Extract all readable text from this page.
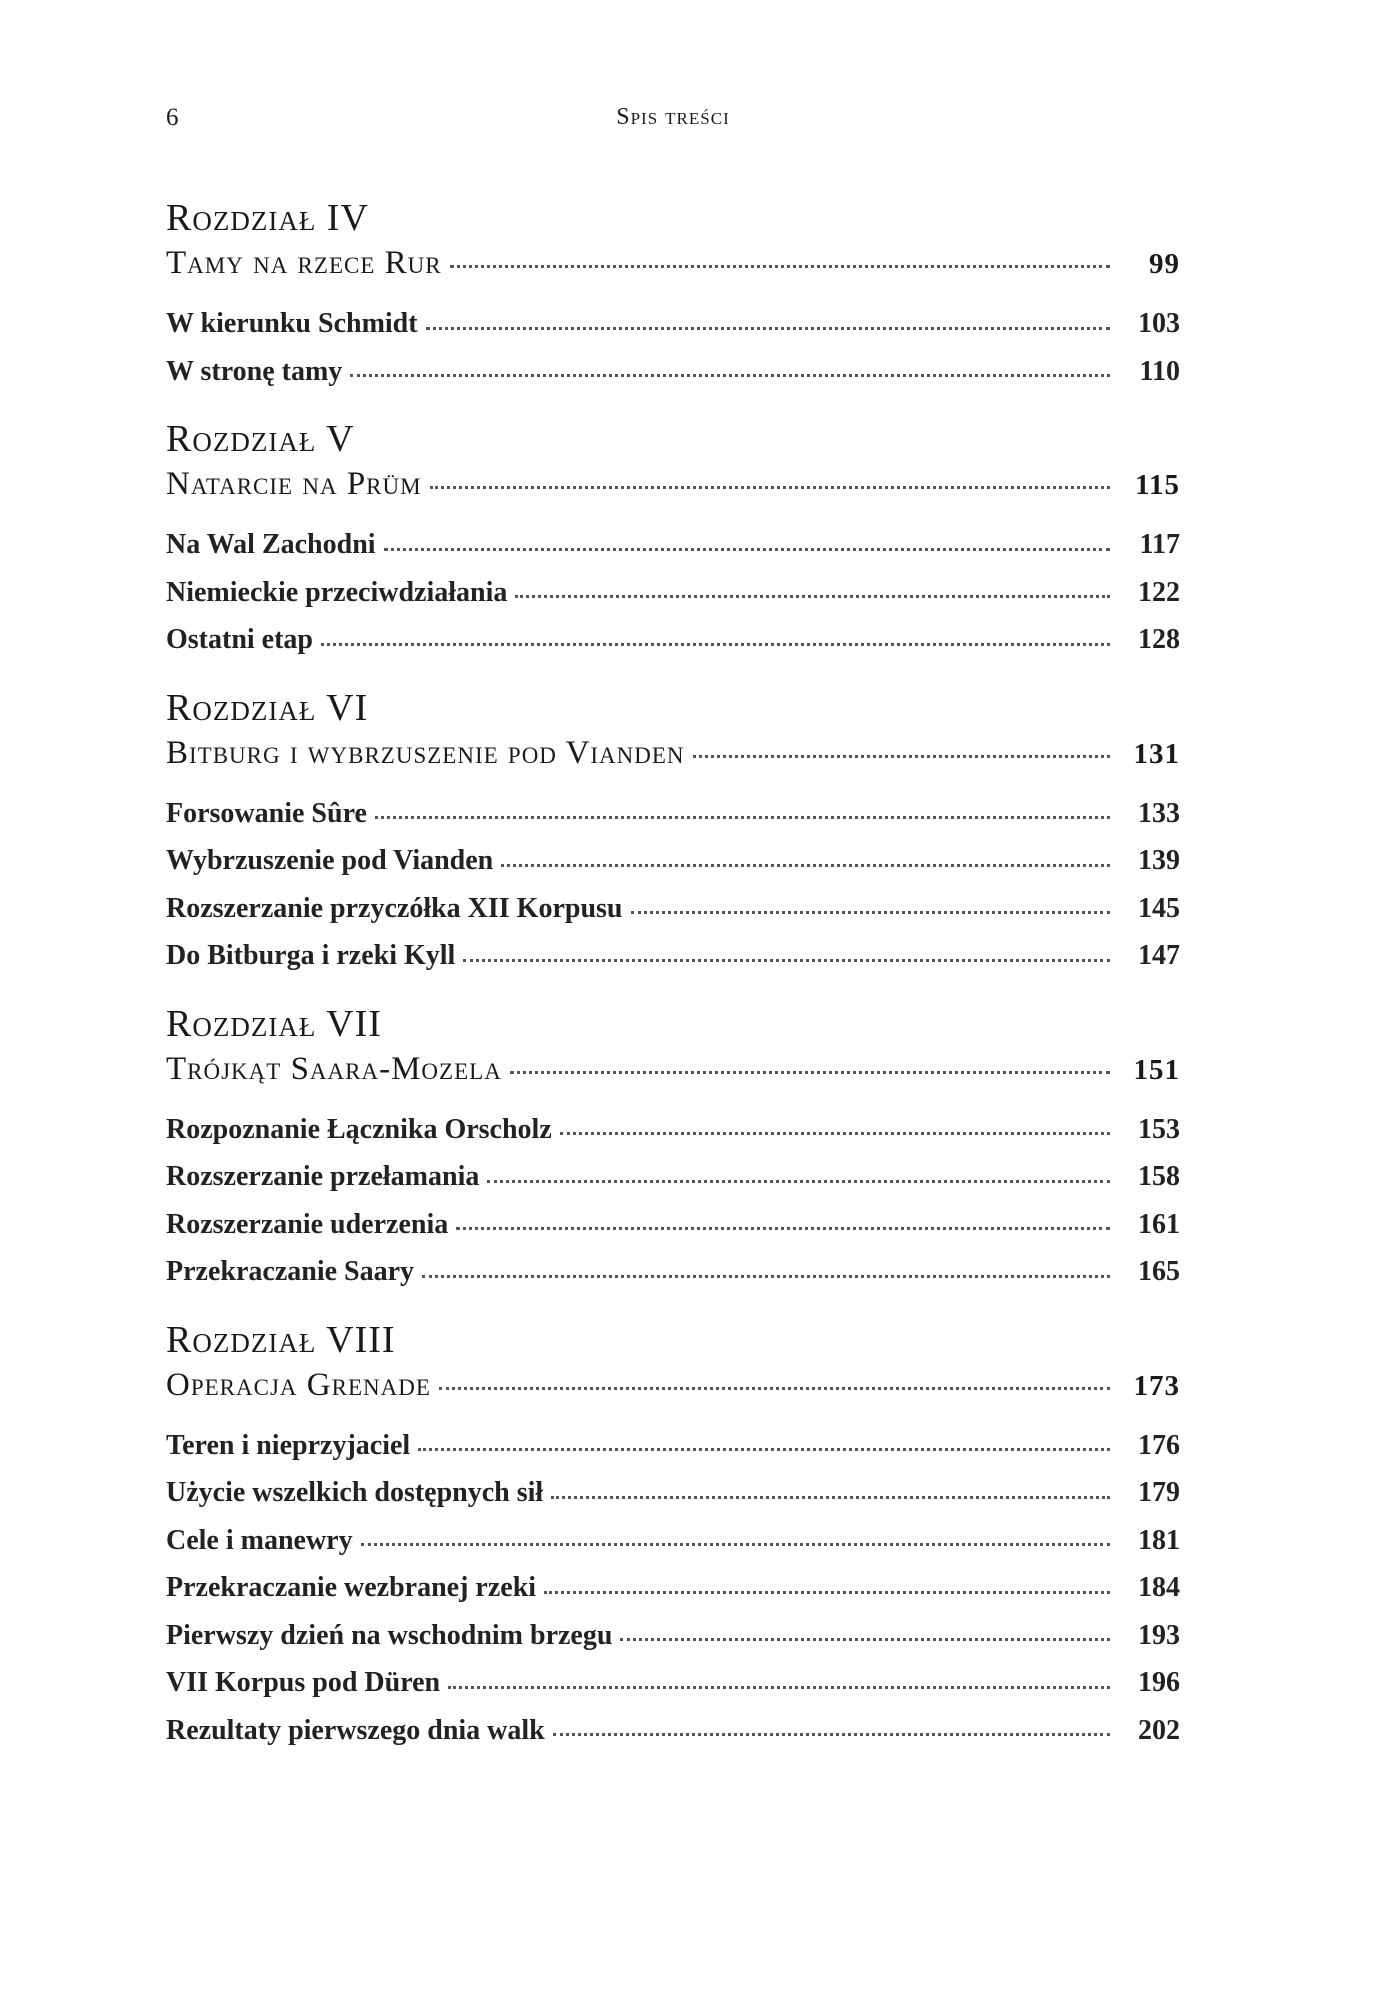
6	Spis treści
Rozdział IV
Tamy na rzece Rur	99
W kierunku Schmidt	103
W stronę tamy	110
Rozdział V
Natarcie na Prüm	115
Na Wal Zachodni	117
Niemieckie przeciwdziałania	122
Ostatni etap	128
Rozdział VI
Bitburg i wybrzuszenie pod Vianden	131
Forsowanie Sûre	133
Wybrzuszenie pod Vianden	139
Rozszerzanie przyczółka XII Korpusu	145
Do Bitburga i rzeki Kyll	147
Rozdział VII
Trójkąt Saara-Mozela	151
Rozpoznanie Łącznika Orscholz	153
Rozszerzanie przełamania	158
Rozszerzanie uderzenia	161
Przekraczanie Saary	165
Rozdział VIII
Operacja Grenade	173
Teren i nieprzyjaciel	176
Użycie wszelkich dostępnych sił	179
Cele i manewry	181
Przekraczanie wezbranej rzeki	184
Pierwszy dzień na wschodnim brzegu	193
VII Korpus pod Düren	196
Rezultaty pierwszego dnia walk	202
